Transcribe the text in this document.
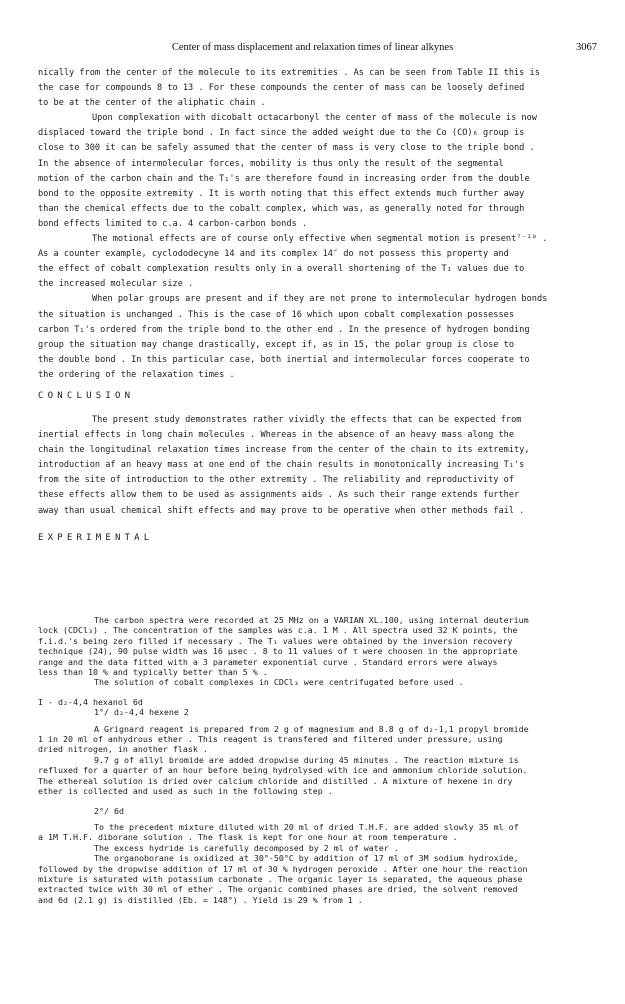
Center of mass displacement and relaxation times of linear alkynes	3067
nically from the center of the molecule to its extremities . As can be seen from Table II this is
the case for compounds 8 to 13 . For these compounds the center of mass can be loosely defined
to be at the center of the aliphatic chain .
Upon complexation with dicobalt octacarbonyl the center of mass of the molecule is now
displaced toward the triple bond . In fact since the added weight due to the Co (CO)₆ group is
close to 300 it can be safely assumed that the center of mass is very close to the triple bond .
In the absence of intermolecular forces, mobility is thus only the result of the segmental
motion of the carbon chain and the T₁'s are therefore found in increasing order from the double
bond to the opposite extremity . It is worth noting that this effect extends much further away
than the chemical effects due to the cobalt complex, which was, as generally noted for through
bond effects limited to c.a. 4 carbon-carbon bonds .
The motional effects are of course only effective when segmental motion is present⁷⁻¹⁰ .
As a counter example, cyclododecyne 14 and its complex 14″ do not possess this property and
the effect of cobalt complexation results only in a overall shortening of the T₁ values due to
the increased molecular size .
When polar groups are present and if they are not prone to intermolecular hydrogen bonds
the situation is unchanged . This is the case of 16 which upon cobalt complexation possesses
carbon T₁'s ordered from the triple bond to the other end . In the presence of hydrogen bonding
group the situation may change drastically, except if, as in 15, the polar group is close to
the double bond . In this particular case, both inertial and intermolecular forces cooperate to
the ordering of the relaxation times .
CONCLUSION
The present study demonstrates rather vividly the effects that can be expected from
inertial effects in long chain molecules . Whereas in the absence of an heavy mass along the
chain the longitudinal relaxation times increase from the center of the chain to its extremity,
introduction af an heavy mass at one end of the chain results in monotonically increasing T₁'s
from the site of introduction to the other extremity . The reliability and reproductivity of
these effects allow them to be used as assignments aids . As such their range extends further
away than usual chemical shift effects and may prove to be operative when other methods fail .
EXPERIMENTAL
The carbon spectra were recorded at 25 MHz on a VARIAN XL.100, using internal deuterium
lock (CDCl₃) . The concentration of the samples was c.a. 1 M . All spectra used 32 K points, the
f.i.d.'s being zero filled if necessary . The T₁ values were obtained by the inversion recovery
technique (24), 90 pulse width was 16 μsec . 8 to 11 values of τ were choosen in the appropriate
range and the data fitted with a 3 parameter exponential curve . Standard errors were always
less than 10 % and typically better than 5 % .
The solution of cobalt complexes in CDCl₃ were centrifugated before used .
I - d₂-4,4 hexanol 6d
1°/ d₂-4,4 hexene 2
A Grignard reagent is prepared from 2 g of magnesium and 8.8 g of d₂-1,1 propyl bromide
1 in 20 ml of anhydrous ether . This reagent is transfered and filtered under pressure, using
dried nitrogen, in another flask .
9.7 g of allyl bromide are added dropwise during 45 minutes . The reaction mixture is
refluxed for a quarter of an hour before being hydrolysed with ice and ammonium chloride solution.
The ethereal solution is dried over calcium chloride and distilled . A mixture of hexene in dry
ether is collected and used as such in the following step .
2°/ 6d
To the precedent mixture diluted with 20 ml of dried T.H.F. are added slowly 35 ml of
a 1M T.H.F. diborane solution . The flask is kept for one hour at room temperature .
The excess hydride is carefully decomposed by 2 ml of water .
The organoborane is oxidized at 30°-50°C by addition of 17 ml of 3M sodium hydroxide,
followed by the dropwise addition of 17 ml of 30 % hydrogen peroxide . After one hour the reaction
mixture is saturated with potassium carbonate . The organic layer is separated, the aqueous phase
extracted twice with 30 ml of ether . The organic combined phases are dried, the solvent removed
and 6d (2.1 g) is distilled (Eb. = 148°) . Yield is 29 % from 1 .
